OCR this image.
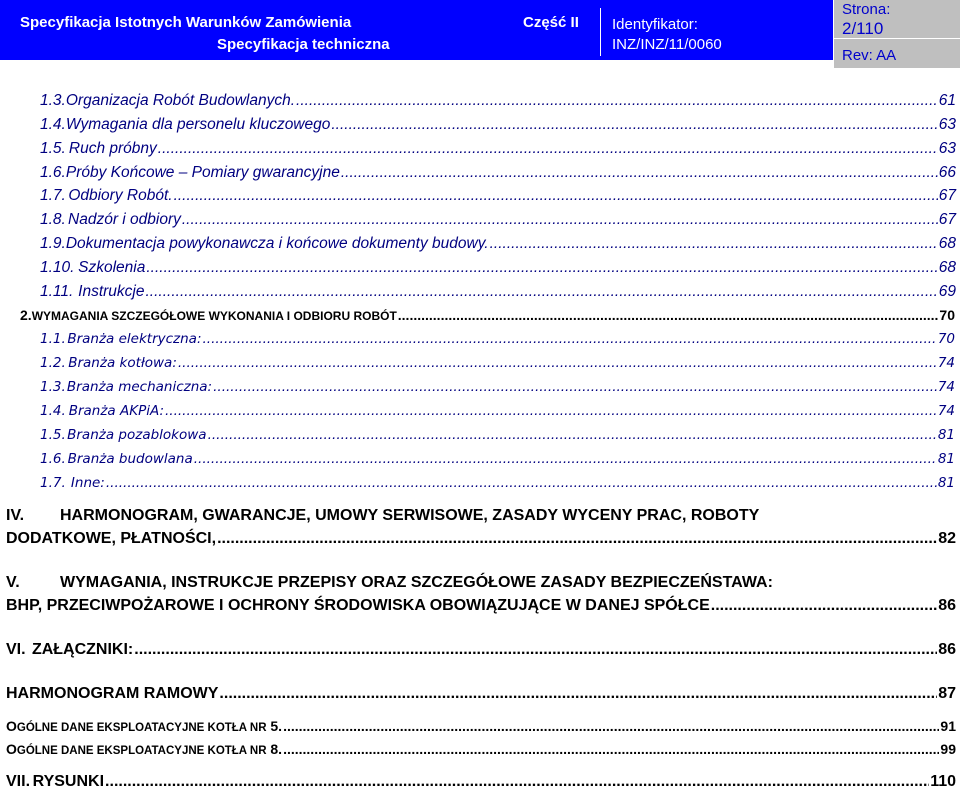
Specyfikacja Istotnych Warunków Zamówienia
Specyfikacja techniczna
Część II Identyfikator:
INZ/INZ/11/0060
Strona:
2/110
Rev: AA
1.3. Organizacja Robót Budowlanych. .....	61
1.4. Wymagania dla personelu kluczowego .....	63
1.5. Ruch próbny .....	63
1.6. Próby Końcowe – Pomiary gwarancyjne .....	66
1.7. Odbiory Robót. .....	67
1.8. Nadzór i odbiory .....	67
1.9. Dokumentacja powykonawcza i końcowe dokumenty budowy. .....	68
1.10. Szkolenia .....	68
1.11. Instrukcje .....	69
2. WYMAGANIA SZCZEGÓŁOWE WYKONANIA I ODBIORU ROBÓT .....	70
1.1. Branża elektryczna: .....	70
1.2. Branża kotłowa: .....	74
1.3. Branża mechaniczna: .....	74
1.4. Branża AKPiA: .....	74
1.5. Branża pozablokowa .....	81
1.6. Branża budowlana .....	81
1.7. Inne: .....	81
IV.	HARMONOGRAM, GWARANCJE, UMOWY SERWISOWE, ZASADY WYCENY PRAC, ROBOTY
DODATKOWE, PŁATNOŚCI, .....	82
V.	WYMAGANIA, INSTRUKCJE PRZEPISY ORAZ SZCZEGÓŁOWE ZASADY BEZPIECZEŃSTAWA:
BHP, PRZECIWPOŻAROWE I OCHRONY ŚRODOWISKA OBOWIĄZUJĄCE W DANEJ SPÓŁCE .....	86
VI. ZAŁĄCZNIKI: .....	86
HARMONOGRAM RAMOWY .....	87
OGÓLNE DANE EKSPLOATACYJNE KOTŁA NR 5. .....	91
OGÓLNE DANE EKSPLOATACYJNE KOTŁA NR 8. .....	99
VII. RYSUNKI .....	110
